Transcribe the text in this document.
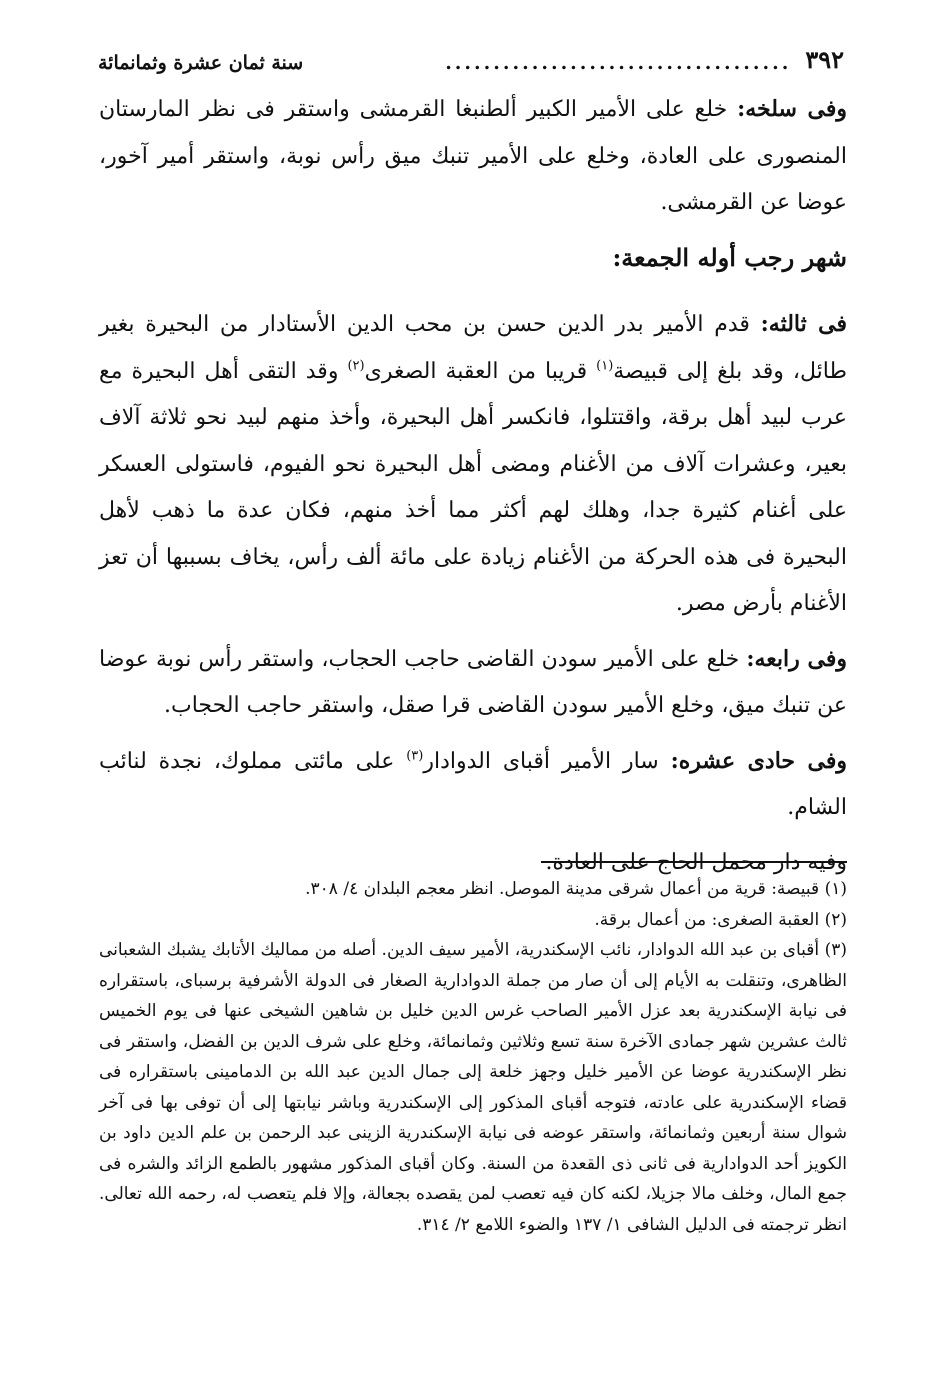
٣٩٢
....................................
سنة ثمان عشرة وثمانمائة

وفى سلخه: خلع على الأمير الكبير ألطنبغا القرمشى واستقر فى نظر المارستان المنصورى على العادة، وخلع على الأمير تنبك ميق رأس نوبة، واستقر أمير آخور، عوضا عن القرمشى.

شهر رجب أوله الجمعة:

فى ثالثه: قدم الأمير بدر الدين حسن بن محب الدين الأستادار من البحيرة بغير طائل، وقد بلغ إلى قبيصة$^{(١)}$ قريبا من العقبة الصغرى$^{(٢)}$ وقد التقى أهل البحيرة مع عرب لبيد أهل برقة، واقتتلوا، فانكسر أهل البحيرة، وأخذ منهم لبيد نحو ثلاثة آلاف بعير، وعشرات آلاف من الأغنام ومضى أهل البحيرة نحو الفيوم، فاستولى العسكر على أغنام كثيرة جدا، وهلك لهم أكثر مما أخذ منهم، فكان عدة ما ذهب لأهل البحيرة فى هذه الحركة من الأغنام زيادة على مائة ألف رأس، يخاف بسببها أن تعز الأغنام بأرض مصر.

وفى رابعه: خلع على الأمير سودن القاضى حاجب الحجاب، واستقر رأس نوبة عوضا عن تنبك ميق، وخلع الأمير سودن القاضى قرا صقل، واستقر حاجب الحجاب.

وفى حادى عشره: سار الأمير أقباى الدوادار$^{(٣)}$ على مائتى مملوك، نجدة لنائب الشام.

وفيه دار محمل الحاج على العادة.

(١) قبيصة: قرية من أعمال شرقى مدينة الموصل. انظر معجم البلدان ٤/ ٣٠٨.

(٢) العقبة الصغرى: من أعمال برقة.

(٣) أقباى بن عبد الله الدوادار، نائب الإسكندرية، الأمير سيف الدين. أصله من مماليك الأتابك يشبك الشعبانى الظاهرى، وتنقلت به الأيام إلى أن صار من جملة الدوادارية الصغار فى الدولة الأشرفية برسباى، باستقراره فى نيابة الإسكندرية بعد عزل الأمير الصاحب غرس الدين خليل بن شاهين الشيخى عنها فى يوم الخميس ثالث عشرين شهر جمادى الآخرة سنة تسع وثلاثين وثمانمائة، وخلع على شرف الدين بن الفضل، واستقر فى نظر الإسكندرية عوضا عن الأمير خليل وجهز خلعة إلى جمال الدين عبد الله بن الدمامينى باستقراره فى قضاء الإسكندرية على عادته، فتوجه أقباى المذكور إلى الإسكندرية وباشر نيابتها إلى أن توفى بها فى آخر شوال سنة أربعين وثمانمائة، واستقر عوضه فى نيابة الإسكندرية الزينى عبد الرحمن بن علم الدين داود بن الكويز أحد الدوادارية فى ثانى ذى القعدة من السنة. وكان أقباى المذكور مشهور بالطمع الزائد والشره فى جمع المال، وخلف مالا جزيلا، لكنه كان فيه تعصب لمن يقصده بجعالة، وإلا فلم يتعصب له، رحمه الله تعالى. انظر ترجمته فى الدليل الشافى ١/ ١٣٧ والضوء اللامع ٢/ ٣١٤.
